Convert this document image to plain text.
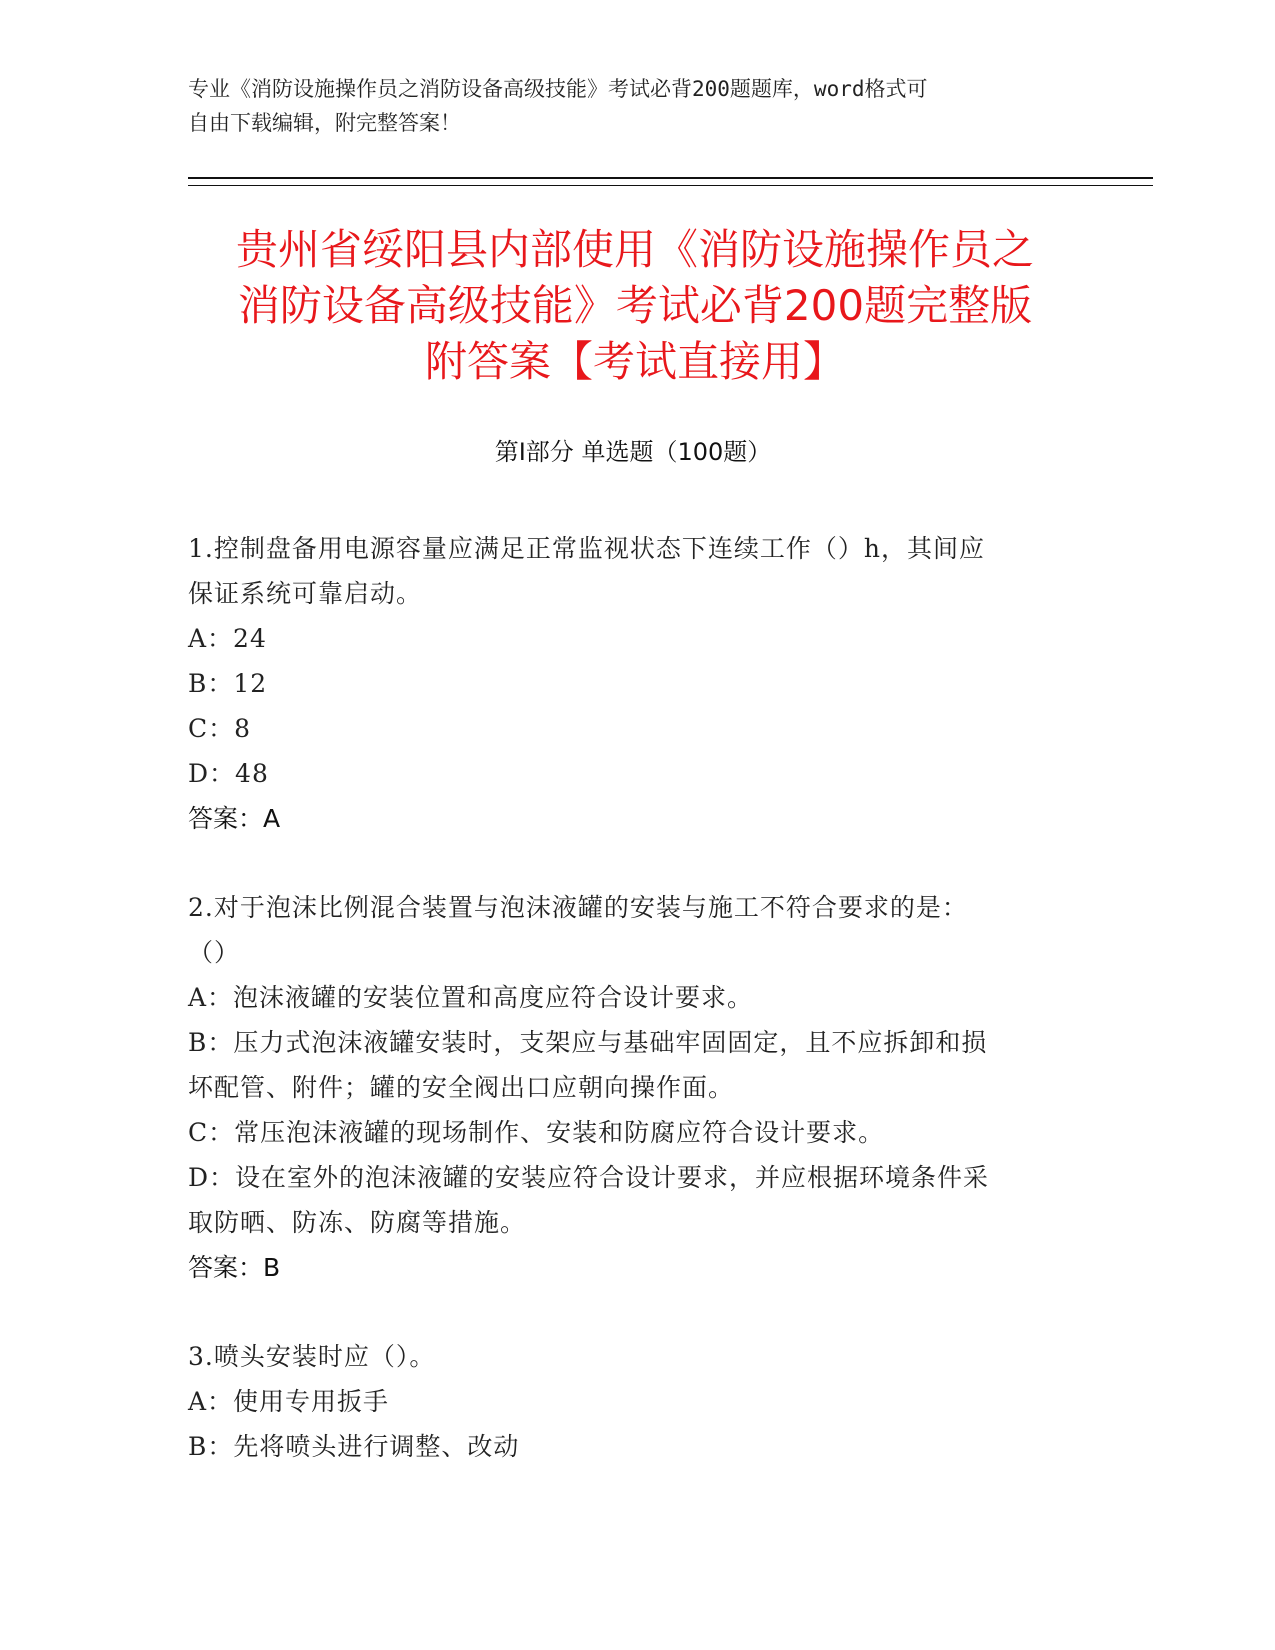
专业《消防设施操作员之消防设备高级技能》考试必背200题题库，word格式可
自由下载编辑，附完整答案！
贵州省绥阳县内部使用《消防设施操作员之
消防设备高级技能》考试必背200题完整版
附答案【考试直接用】
第Ⅰ部分 单选题（100题）
1.控制盘备用电源容量应满足正常监视状态下连续工作（）h，其间应
保证系统可靠启动。
A：24
B：12
C：8
D：48
答案：A
2.对于泡沫比例混合装置与泡沫液罐的安装与施工不符合要求的是：
（）
A：泡沫液罐的安装位置和高度应符合设计要求。
B：压力式泡沫液罐安装时，支架应与基础牢固固定，且不应拆卸和损
坏配管、附件；罐的安全阀出口应朝向操作面。
C：常压泡沫液罐的现场制作、安装和防腐应符合设计要求。
D：设在室外的泡沫液罐的安装应符合设计要求，并应根据环境条件采
取防晒、防冻、防腐等措施。
答案：B
3.喷头安装时应（）。
A：使用专用扳手
B：先将喷头进行调整、改动
